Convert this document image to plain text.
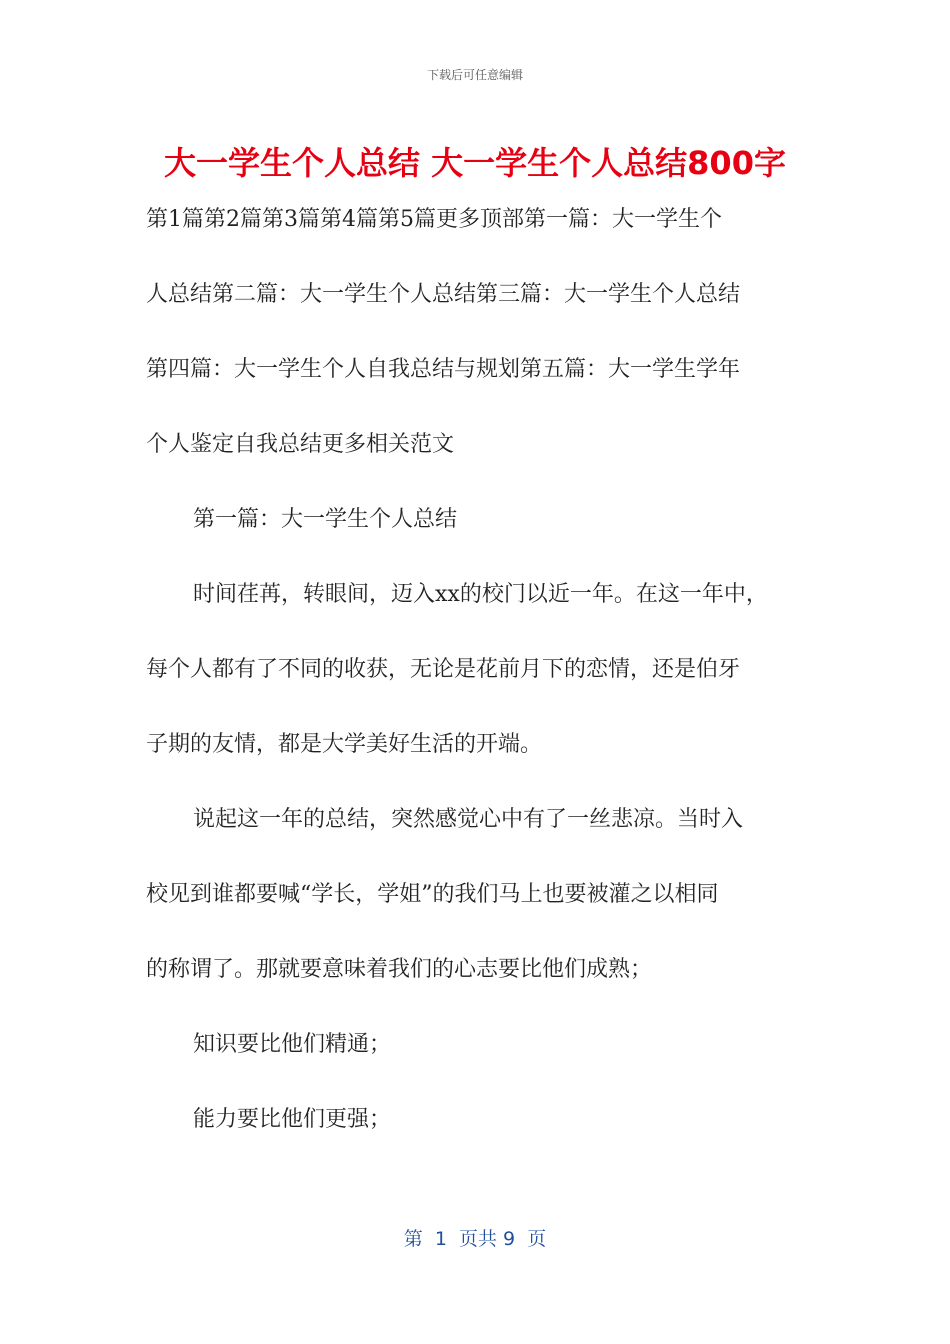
下载后可任意编辑
大一学生个人总结 大一学生个人总结800字
第1篇第2篇第3篇第4篇第5篇更多顶部第一篇：大一学生个
人总结第二篇：大一学生个人总结第三篇：大一学生个人总结
第四篇：大一学生个人自我总结与规划第五篇：大一学生学年
个人鉴定自我总结更多相关范文
第一篇：大一学生个人总结
时间荏苒，转眼间，迈入xx的校门以近一年。在这一年中，
每个人都有了不同的收获，无论是花前月下的恋情，还是伯牙
子期的友情，都是大学美好生活的开端。
说起这一年的总结，突然感觉心中有了一丝悲凉。当时入
校见到谁都要喊“学长，学姐”的我们马上也要被灌之以相同
的称谓了。那就要意味着我们的心志要比他们成熟；
知识要比他们精通；
能力要比他们更强；
第  1  页共 9  页
